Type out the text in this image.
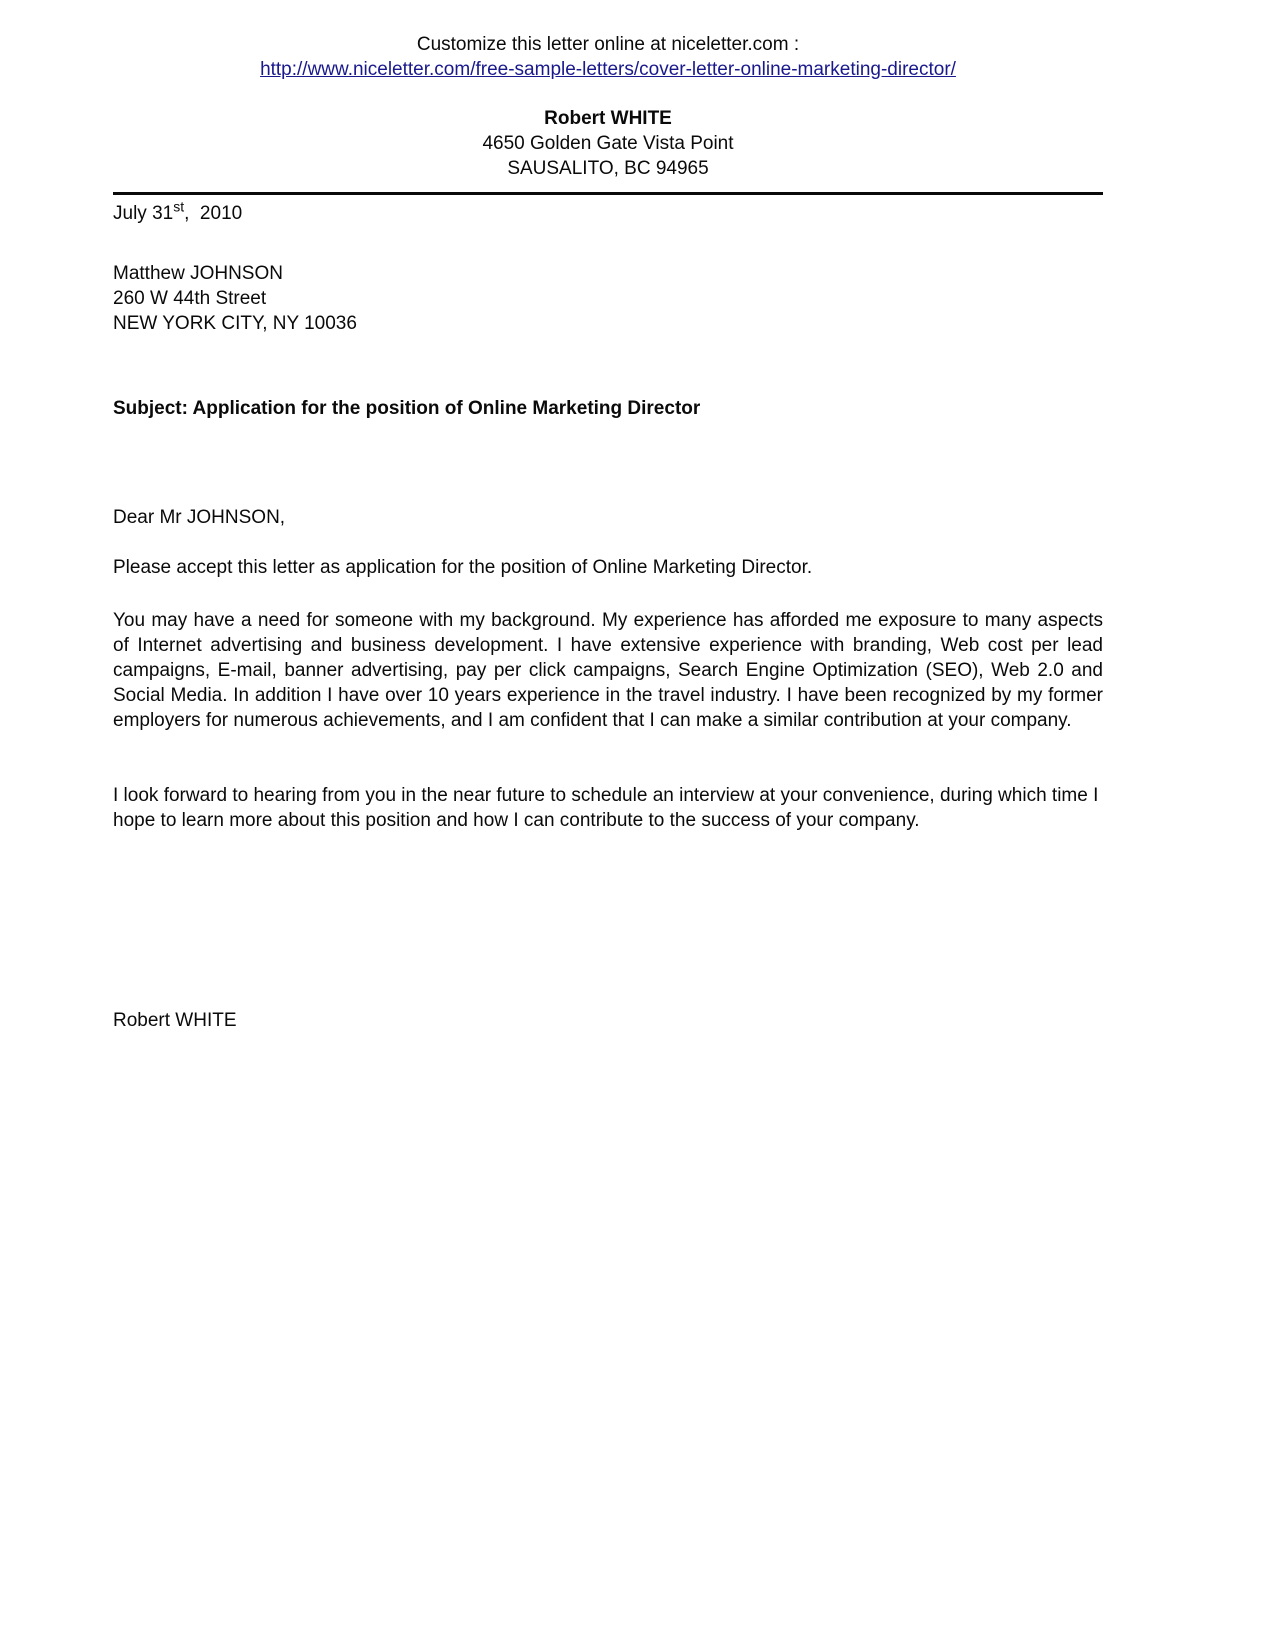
Customize this letter online at niceletter.com :
http://www.niceletter.com/free-sample-letters/cover-letter-online-marketing-director/
Robert WHITE
4650 Golden Gate Vista Point
SAUSALITO, BC 94965
July 31st,  2010
Matthew JOHNSON
260 W 44th Street
NEW YORK CITY, NY 10036
Subject: Application for the position of Online Marketing Director
Dear Mr JOHNSON,
Please accept this letter as application for the position of Online Marketing Director.
You may have a need for someone with my background. My experience has afforded me exposure to many aspects of Internet advertising and business development. I have extensive experience with branding, Web cost per lead campaigns, E-mail, banner advertising, pay per click campaigns, Search Engine Optimization (SEO), Web 2.0 and Social Media. In addition I have over 10 years experience in the travel industry. I have been recognized by my former employers for numerous achievements, and I am confident that I can make a similar contribution at your company.
I look forward to hearing from you in the near future to schedule an interview at your convenience, during which time I hope to learn more about this position and how I can contribute to the success of your company.
Robert WHITE
